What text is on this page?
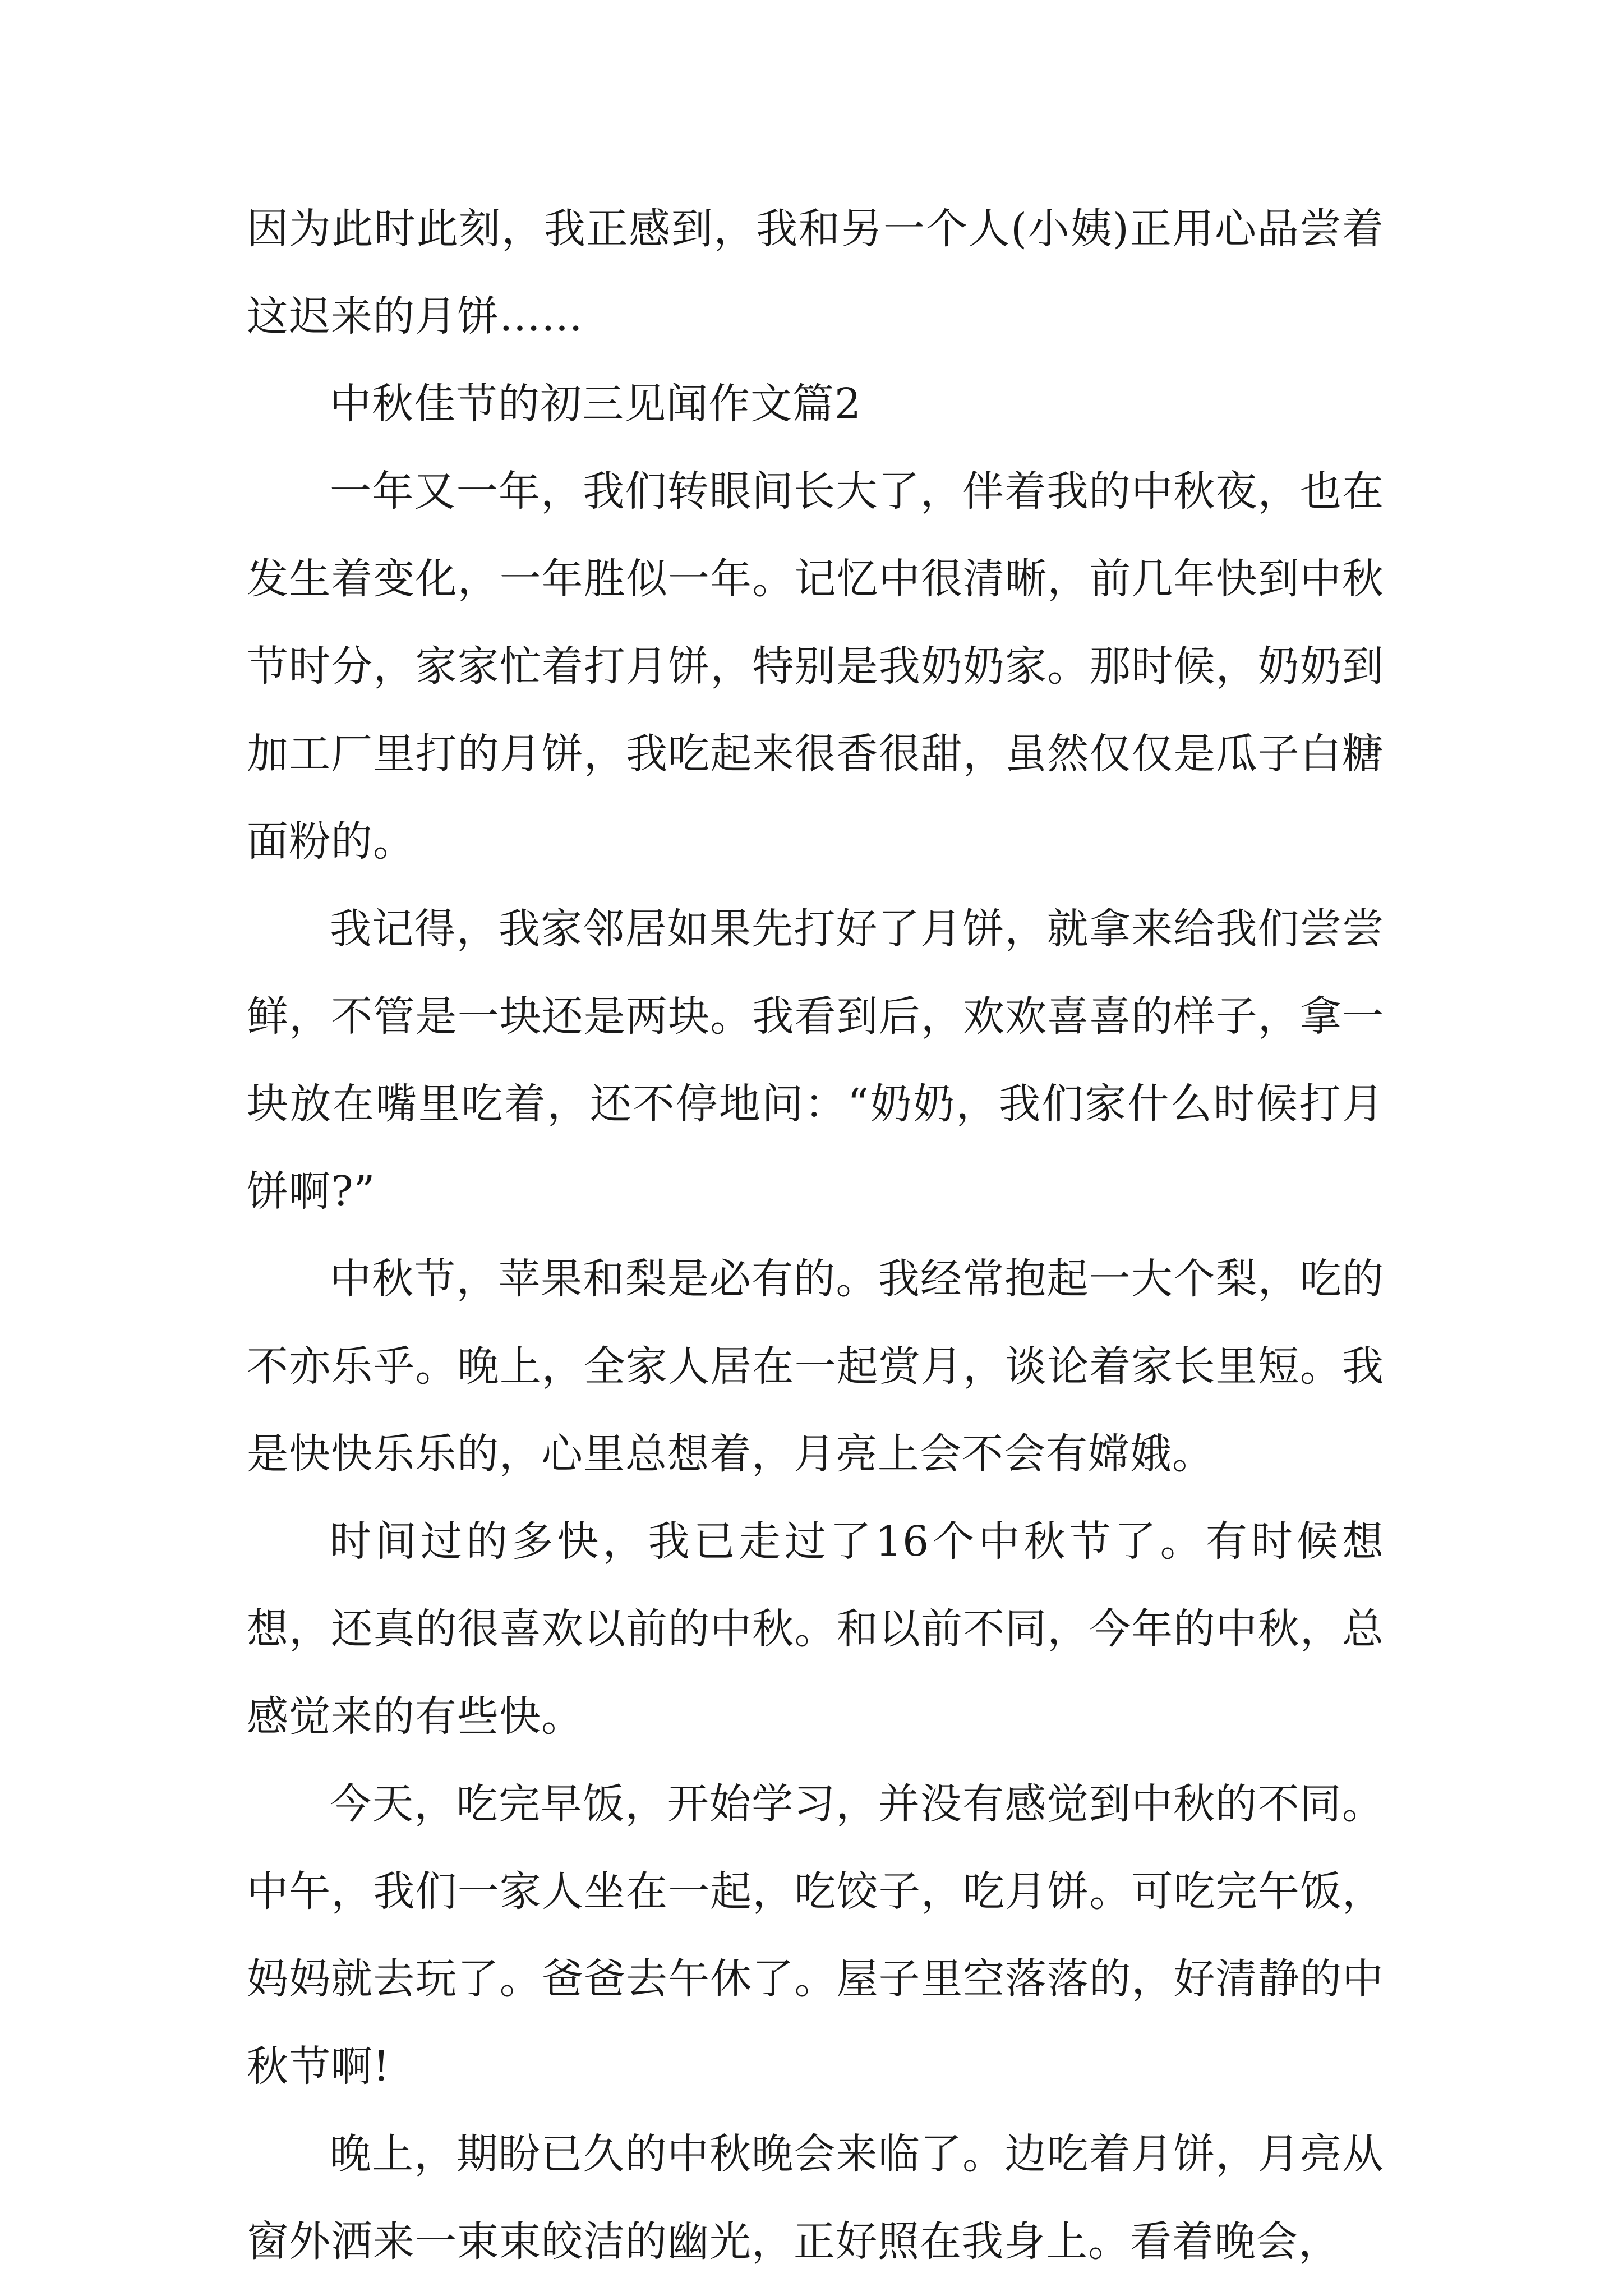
因为此时此刻，我正感到，我和另一个人(小姨)正用心品尝着这迟来的月饼……

中秋佳节的初三见闻作文篇2

一年又一年，我们转眼间长大了，伴着我的中秋夜，也在发生着变化，一年胜似一年。记忆中很清晰，前几年快到中秋节时分，家家忙着打月饼，特别是我奶奶家。那时候，奶奶到加工厂里打的月饼，我吃起来很香很甜，虽然仅仅是瓜子白糖面粉的。

我记得，我家邻居如果先打好了月饼，就拿来给我们尝尝鲜，不管是一块还是两块。我看到后，欢欢喜喜的样子，拿一块放在嘴里吃着，还不停地问：“奶奶，我们家什么时候打月饼啊?”

中秋节，苹果和梨是必有的。我经常抱起一大个梨，吃的不亦乐乎。晚上，全家人居在一起赏月，谈论着家长里短。我是快快乐乐的，心里总想着，月亮上会不会有嫦娥。

时间过的多快，我已走过了16个中秋节了。有时候想想，还真的很喜欢以前的中秋。和以前不同，今年的中秋，总感觉来的有些快。

今天，吃完早饭，开始学习，并没有感觉到中秋的不同。中午，我们一家人坐在一起，吃饺子，吃月饼。可吃完午饭，妈妈就去玩了。爸爸去午休了。屋子里空落落的，好清静的中秋节啊!

晚上，期盼已久的中秋晚会来临了。边吃着月饼，月亮从窗外洒来一束束皎洁的幽光，正好照在我身上。看着晚会，
